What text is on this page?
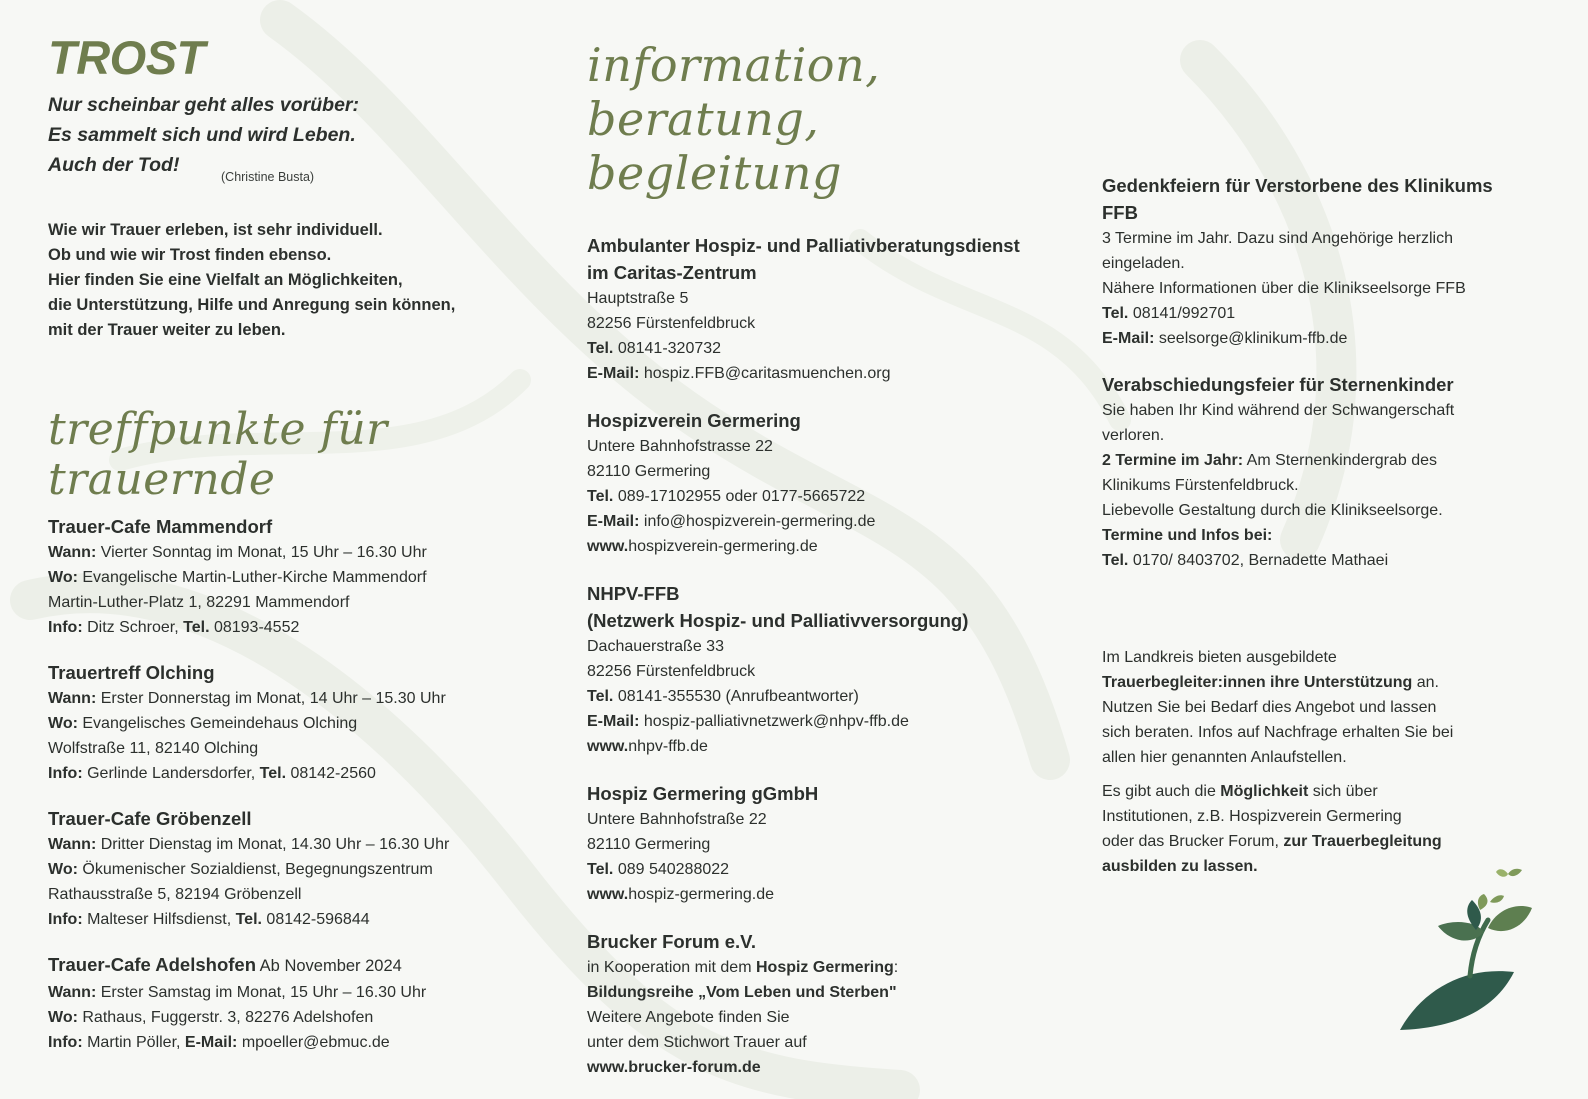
TROST
Nur scheinbar geht alles vorüber:
Es sammelt sich und wird Leben.
Auch der Tod!
(Christine Busta)
Wie wir Trauer erleben, ist sehr individuell.
Ob und wie wir Trost finden ebenso.
Hier finden Sie eine Vielfalt an Möglichkeiten,
die Unterstützung, Hilfe und Anregung sein können,
mit der Trauer weiter zu leben.
treffpunkte für trauernde
Trauer-Cafe Mammendorf
Wann: Vierter Sonntag im Monat, 15 Uhr – 16.30 Uhr
Wo: Evangelische Martin-Luther-Kirche Mammendorf
Martin-Luther-Platz 1, 82291 Mammendorf
Info: Ditz Schroer, Tel. 08193-4552
Trauertreff Olching
Wann: Erster Donnerstag im Monat, 14 Uhr – 15.30 Uhr
Wo: Evangelisches Gemeindehaus Olching
Wolfstraße 11, 82140 Olching
Info: Gerlinde Landersdorfer, Tel. 08142-2560
Trauer-Cafe Gröbenzell
Wann: Dritter Dienstag im Monat, 14.30 Uhr – 16.30 Uhr
Wo: Ökumenischer Sozialdienst, Begegnungszentrum
Rathausstraße 5, 82194 Gröbenzell
Info: Malteser Hilfsdienst, Tel. 08142-596844
Trauer-Cafe Adelshofen Ab November 2024
Wann: Erster Samstag im Monat, 15 Uhr – 16.30 Uhr
Wo: Rathaus, Fuggerstr. 3, 82276 Adelshofen
Info: Martin Pöller, E-Mail: mpoeller@ebmuc.de
information, beratung,
begleitung
Ambulanter Hospiz- und Palliativberatungsdienst
im Caritas-Zentrum
Hauptstraße 5
82256 Fürstenfeldbruck
Tel. 08141-320732
E-Mail: hospiz.FFB@caritasmuenchen.org
Hospizverein Germering
Untere Bahnhofstrasse 22
82110 Germering
Tel. 089-17102955 oder 0177-5665722
E-Mail: info@hospizverein-germering.de
www.hospizverein-germering.de
NHPV-FFB
(Netzwerk Hospiz- und Palliativversorgung)
Dachauerstraße 33
82256 Fürstenfeldbruck
Tel. 08141-355530 (Anrufbeantworter)
E-Mail: hospiz-palliativnetzwerk@nhpv-ffb.de
www.nhpv-ffb.de
Hospiz Germering gGmbH
Untere Bahnhofstraße 22
82110 Germering
Tel. 089 540288022
www.hospiz-germering.de
Brucker Forum e.V.
in Kooperation mit dem Hospiz Germering:
Bildungsreihe „Vom Leben und Sterben"
Weitere Angebote finden Sie
unter dem Stichwort Trauer auf
www.brucker-forum.de
Gedenkfeiern für Verstorbene des Klinikums
FFB
3 Termine im Jahr. Dazu sind Angehörige herzlich
eingeladen.
Nähere Informationen über die Klinikseelsorge FFB
Tel. 08141/992701
E-Mail: seelsorge@klinikum-ffb.de
Verabschiedungsfeier für Sternenkinder
Sie haben Ihr Kind während der Schwangerschaft
verloren.
2 Termine im Jahr: Am Sternenkindergrab des
Klinikums Fürstenfeldbruck.
Liebevolle Gestaltung durch die Klinikseelsorge.
Termine und Infos bei:
Tel. 0170/ 8403702, Bernadette Mathaei
Im Landkreis bieten ausgebildete
Trauerbegleiter:innen ihre Unterstützung an.
Nutzen Sie bei Bedarf dies Angebot und lassen
sich beraten. Infos auf Nachfrage erhalten Sie bei
allen hier genannten Anlaufstellen.
Es gibt auch die Möglichkeit sich über
Institutionen, z.B. Hospizverein Germering
oder das Brucker Forum, zur Trauerbegleitung
ausbilden zu lassen.
